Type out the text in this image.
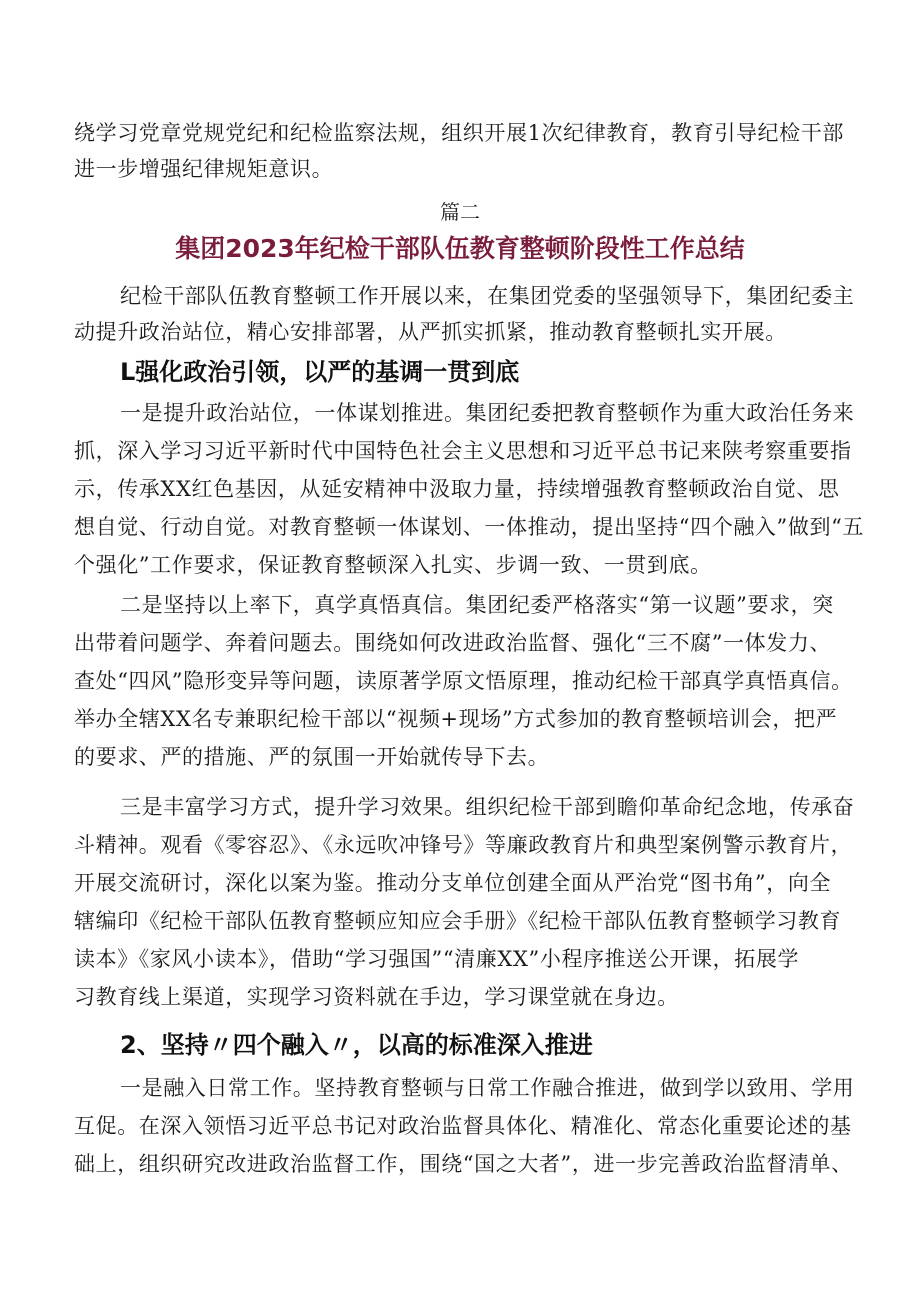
绕学习党章党规党纪和纪检监察法规，组织开展1次纪律教育，教育引导纪检干部
进一步增强纪律规矩意识。
篇二
集团2023年纪检干部队伍教育整顿阶段性工作总结
纪检干部队伍教育整顿工作开展以来，在集团党委的坚强领导下，集团纪委主
动提升政治站位，精心安排部署，从严抓实抓紧，推动教育整顿扎实开展。
L强化政治引领，以严的基调一贯到底
一是提升政治站位，一体谋划推进。集团纪委把教育整顿作为重大政治任务来
抓，深入学习习近平新时代中国特色社会主义思想和习近平总书记来陕考察重要指
示，传承XX红色基因，从延安精神中汲取力量，持续增强教育整顿政治自觉、思
想自觉、行动自觉。对教育整顿一体谋划、一体推动，提出坚持“四个融入”做到“五
个强化”工作要求，保证教育整顿深入扎实、步调一致、一贯到底。
二是坚持以上率下，真学真悟真信。集团纪委严格落实“第一议题”要求，突
出带着问题学、奔着问题去。围绕如何改进政治监督、强化“三不腐”一体发力、
查处“四风”隐形变异等问题，读原著学原文悟原理，推动纪检干部真学真悟真信。
举办全辖XX名专兼职纪检干部以“视频+现场”方式参加的教育整顿培训会，把严
的要求、严的措施、严的氛围一开始就传导下去。
三是丰富学习方式，提升学习效果。组织纪检干部到瞻仰革命纪念地，传承奋
斗精神。观看《零容忍》、《永远吹冲锋号》等廉政教育片和典型案例警示教育片，
开展交流研讨，深化以案为鉴。推动分支单位创建全面从严治党“图书角”，向全
辖编印《纪检干部队伍教育整顿应知应会手册》《纪检干部队伍教育整顿学习教育
读本》《家风小读本》，借助“学习强国”“清廉XX”小程序推送公开课，拓展学
习教育线上渠道，实现学习资料就在手边，学习课堂就在身边。
2、坚持〃四个融入〃，以高的标准深入推进
一是融入日常工作。坚持教育整顿与日常工作融合推进，做到学以致用、学用
互促。在深入领悟习近平总书记对政治监督具体化、精准化、常态化重要论述的基
础上，组织研究改进政治监督工作，围绕“国之大者”，进一步完善政治监督清单、
